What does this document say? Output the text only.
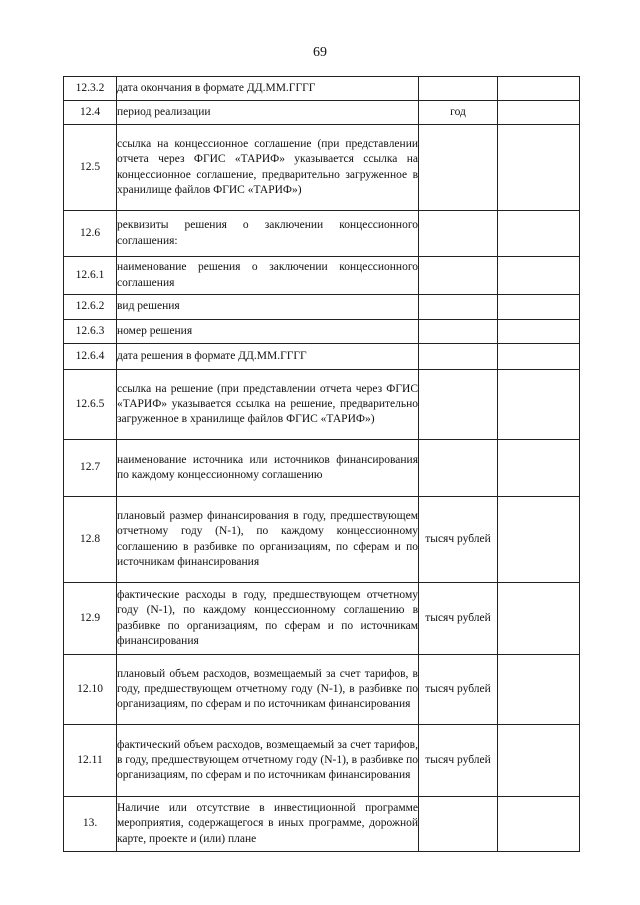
69
12.3.2	дата окончания в формате ДД.ММ.ГГГГ		
12.4	период реализации	год	
12.5	ссылка на концессионное соглашение (при представлении отчета через ФГИС «ТАРИФ» указывается ссылка на концессионное соглашение, предварительно загруженное в хранилище файлов ФГИС «ТАРИФ»)		
12.6	реквизиты решения о заключении концессионного соглашения:		
12.6.1	наименование решения о заключении концессионного соглашения		
12.6.2	вид решения		
12.6.3	номер решения		
12.6.4	дата решения в формате ДД.ММ.ГГГГ		
12.6.5	ссылка на решение (при представлении отчета через ФГИС «ТАРИФ» указывается ссылка на решение, предварительно загруженное в хранилище файлов ФГИС «ТАРИФ»)		
12.7	наименование источника или источников финансирования по каждому концессионному соглашению		
12.8	плановый размер финансирования в году, предшествующем отчетному году (N-1), по каждому концессионному соглашению в разбивке по организациям, по сферам и по источникам финансирования	тысяч рублей	
12.9	фактические расходы в году, предшествующем отчетному году (N-1), по каждому концессионному соглашению в разбивке по организациям, по сферам и по источникам финансирования	тысяч рублей	
12.10	плановый объем расходов, возмещаемый за счет тарифов, в году, предшествующем отчетному году (N-1), в разбивке по организациям, по сферам и по источникам финансирования	тысяч рублей	
12.11	фактический объем расходов, возмещаемый за счет тарифов, в году, предшествующем отчетному году (N-1), в разбивке по организациям, по сферам и по источникам финансирования	тысяч рублей	
13.	Наличие или отсутствие в инвестиционной программе мероприятия, содержащегося в иных программе, дорожной карте, проекте и (или) плане		
